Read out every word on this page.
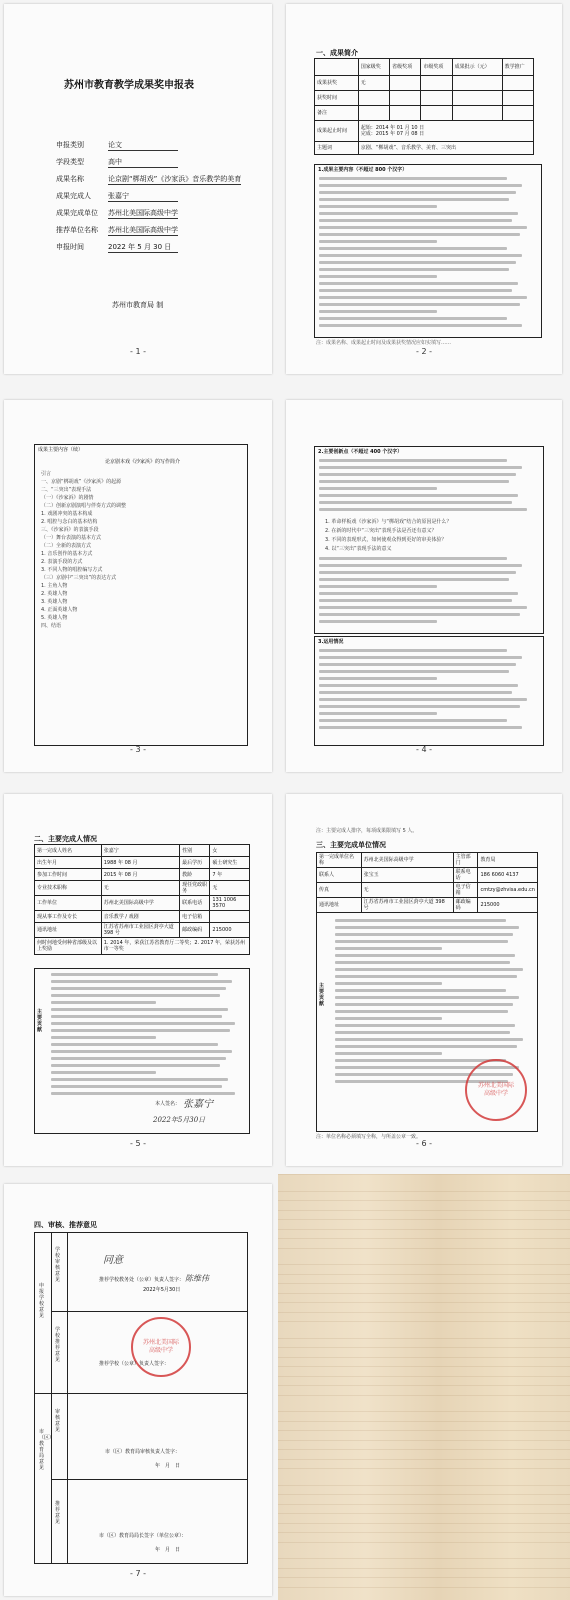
苏州市教育教学成果奖申报表
苏州市教育局 制
- 1 -
申报类别	论文
学段类型	高中
成果名称	论京剧“梆胡戏”《沙家浜》音乐教学的美育
成果完成人 张嘉宁
成果完成单位 苏州北美国际高级中学
推荐单位名称 苏州北美国际高级中学
申报时间	2022 年 5 月 30 日
一、成果简介
	国家级奖	省级奖项	市级奖项	成果批示（元）	教学推广
成果获奖	无				
获奖时间					
备注					
成果起止时间	起始：2014 年 01 月 10 日
完成：2015 年 07 月 08 日				

主题词	京剧、“梆胡戏”、音乐教学、美育、三突出				
1.成果主要内容（不超过 800 个汉字）
注：成果名称、成果起止时间及成果获奖情况应如实填写……
- 2 -
成果主要内容（续）
论京剧本戏《沙家浜》的写作简介
引言
一、京剧“梆胡戏”《沙家浜》的起源
二、“三突出”表现手法
（一）《沙家浜》的剧情
（二）创新京剧演唱与伴奏方式的调整
1. 戏剧冲突的基本构成
2. 唱腔与念白的基本结构
三、《沙家浜》的表演手段
（一）舞台表演的基本方式
（二）全新的表演方式
1. 音乐创作的基本方式
2. 表演手段的方式
3. 不同人物的唱腔编写方式
（三）京剧中“三突出”的表达方式
1. 主角人物
2. 英雄人物
3. 英雄人物
4. 正面英雄人物
5. 英雄人物
四、结语
- 3 -
2.主要创新点（不超过 400 个汉字）
1. 革命样板戏《沙家浜》与“梆胡戏”结合的原因是什么？
2. 在新的时代中“三突出”表现手法是否还有意义？
3. 不同的表现形式，如何使观众得到更好的审美体验？
4. 以“三突出”表现手法的意义
3.运用情况
- 4 -
二、主要完成人情况
第一完成人姓名	张嘉宁	性别	女
出生年月	1988 年 08 月	最后学历	硕士研究生
参加工作时间	2015 年 08 月	教龄	7 年
专业技术职称	无	现任党政职务	无
工作单位	苏州北美国际高级中学	联系电话	131 1006 3570
现从事工作及专长	音乐教学 / 戏剧	电子信箱	
通讯地址	江苏省苏州市工业园区葑亭大道 398 号	邮政编码	215000
何时何地受何种省部级及以上奖励	1. 2014 年，荣获江苏省教育厅二等奖；2. 2017 年，荣获苏州市一等奖		
主要贡献
本人签名： 张嘉宁
2022年5月30日
- 5 -
注：主要完成人排序，每项成果限填写 5 人。
三、主要完成单位情况
第一完成单位名称	苏州北美国际高级中学	主管部门	教育局
联系人	张宝玉	联系电话	186 6060 4137
传真	无	电子信箱	cmtzy@zhvisa.edu.cn
通讯地址	江苏省苏州市工业园区葑亭大道 398 号	邮政编码	215000
主要贡献
苏州北美国际高级中学
注：单位名称必须填写全称，与所盖公章一致。
- 6 -
四、审核、推荐意见
申报学校意见
学校审核意见
同意
推荐学校教务处（公章）负责人签字： 陈维伟
2022年5月30日
学校推荐意见
苏州北美国际高级中学
推荐学校（公章）负责人签字：
市（区）教育局意见
审核意见
市（区）教育局审核负责人签字：
年　月　日
推荐意见
市（区）教育局局长签字（单位公章）：
年　月　日
- 7 -
